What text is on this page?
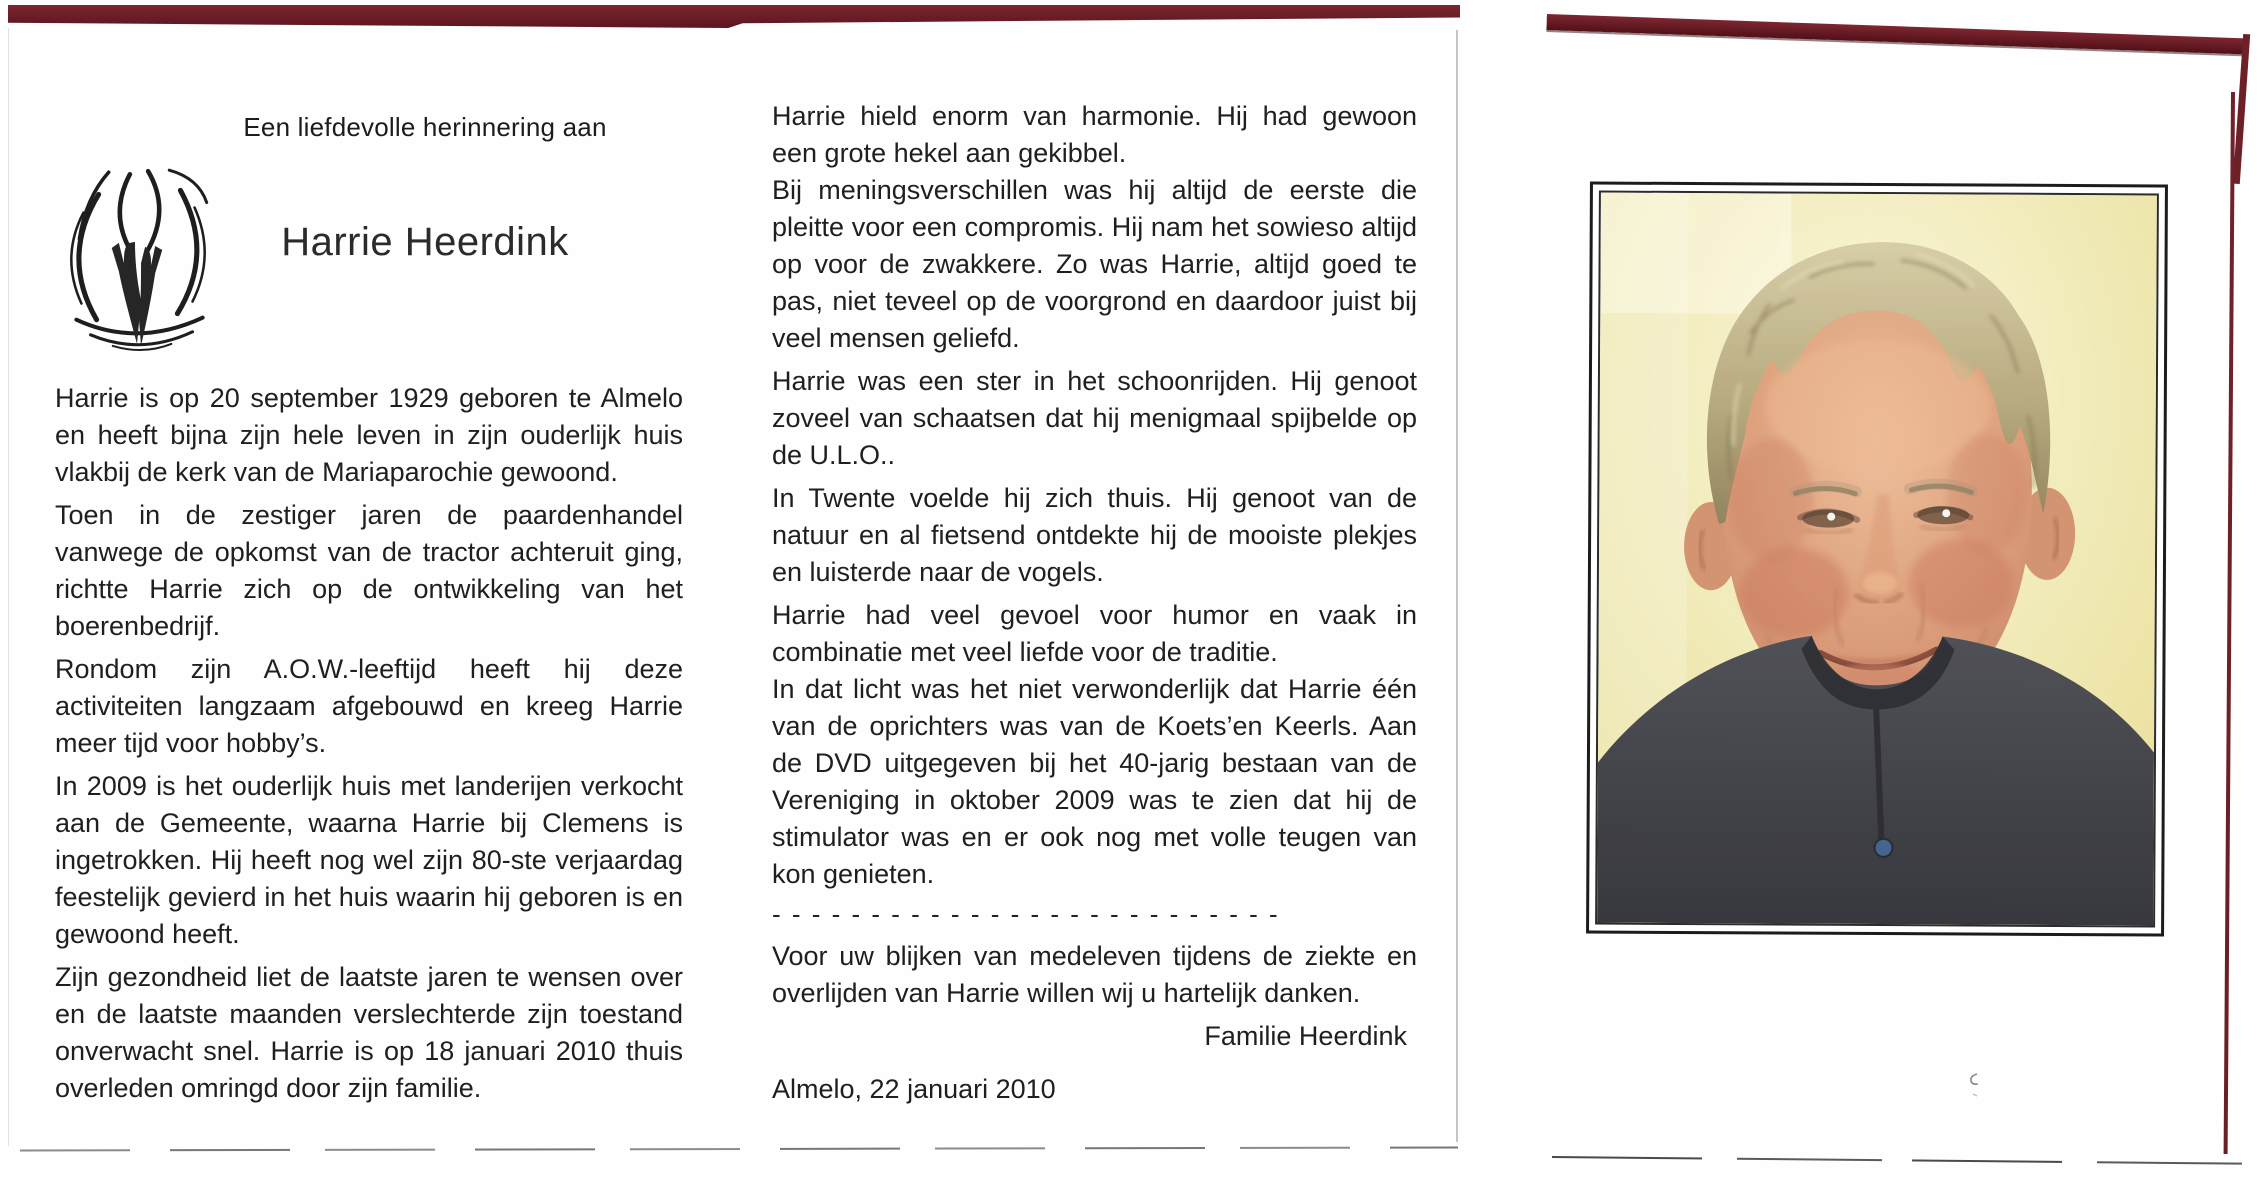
Een liefdevolle herinnering aan
Harrie Heerdink

Harrie is op 20 september 1929 geboren te Almelo en heeft bijna zijn hele leven in zijn ouderlijk huis vlakbij de kerk van de Mariaparochie gewoond.

Toen in de zestiger jaren de paardenhandel vanwege de opkomst van de tractor achteruit ging, richtte Harrie zich op de ontwikkeling van het boerenbedrijf.

Rondom zijn A.O.W.-leeftijd heeft hij deze activiteiten langzaam afgebouwd en kreeg Harrie meer tijd voor hobby’s.

In 2009 is het ouderlijk huis met landerijen verkocht aan de Gemeente, waarna Harrie bij Clemens is ingetrokken. Hij heeft nog wel zijn 80-ste verjaardag feestelijk gevierd in het huis waarin hij geboren is en gewoond heeft.

Zijn gezondheid liet de laatste jaren te wensen over en de laatste maanden verslechterde zijn toestand onverwacht snel. Harrie is op 18 januari 2010 thuis overleden omringd door zijn familie.

Harrie hield enorm van harmonie. Hij had gewoon een grote hekel aan gekibbel.

Bij meningsverschillen was hij altijd de eerste die pleitte voor een compromis. Hij nam het sowieso altijd op voor de zwakkere. Zo was Harrie, altijd goed te pas, niet teveel op de voorgrond en daardoor juist bij veel mensen geliefd.

Harrie was een ster in het schoonrijden. Hij genoot zoveel van schaatsen dat hij menigmaal spijbelde op de U.L.O..

In Twente voelde hij zich thuis. Hij genoot van de natuur en al fietsend ontdekte hij de mooiste plekjes en luisterde naar de vogels.

Harrie had veel gevoel voor humor en vaak in combinatie met veel liefde voor de traditie.

In dat licht was het niet verwonderlijk dat Harrie één van de oprichters was van de Koets’en Keerls. Aan de DVD uitgegeven bij het 40-jarig bestaan van de Vereniging in oktober 2009 was te zien dat hij de stimulator was en er ook nog met volle teugen van kon genieten.

- - - - - - - - - - - - - - - - - - - - - - - - - -

Voor uw blijken van medeleven tijdens de ziekte en overlijden van Harrie willen wij u hartelijk danken.

Familie Heerdink
Almelo, 22 januari 2010
